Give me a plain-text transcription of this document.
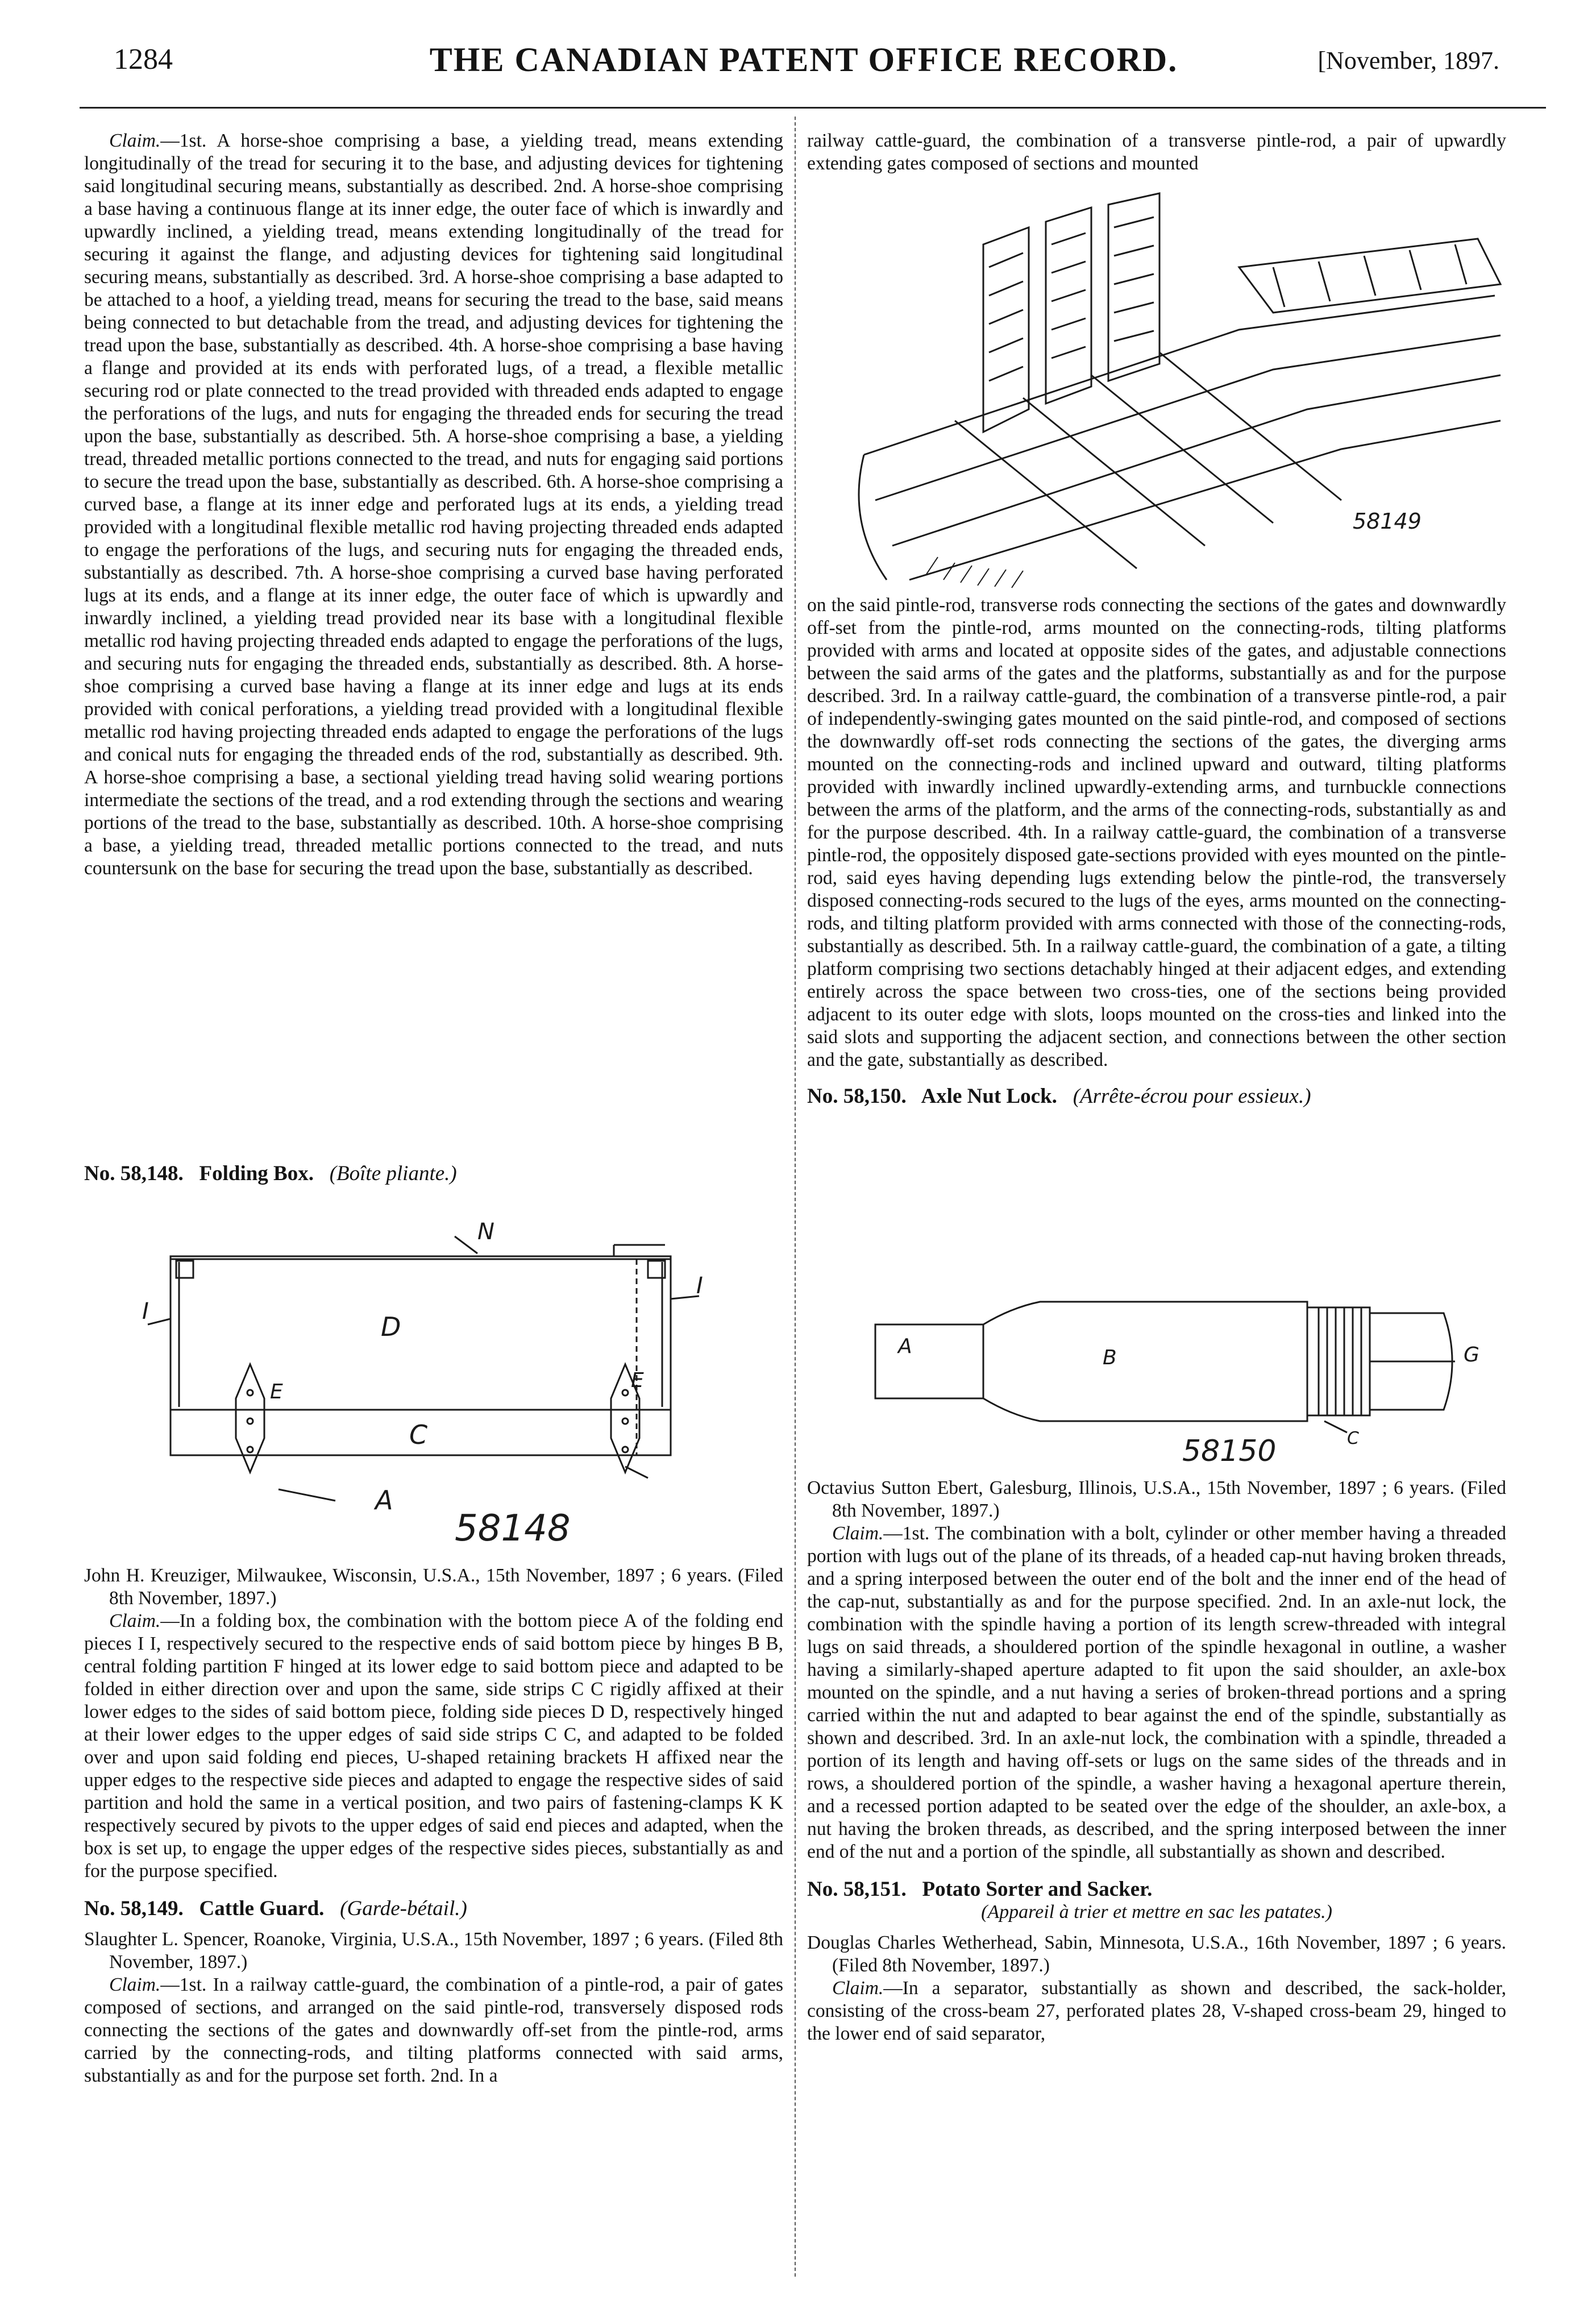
1284	THE CANADIAN PATENT OFFICE RECORD.	[November, 1897.

Claim.—1st. A horse-shoe comprising a base, a yielding tread, means extending longitudinally of the tread for securing it to the base, and adjusting devices for tightening said longitudinal securing means, substantially as described. 2nd. A horse-shoe comprising a base having a continuous flange at its inner edge, the outer face of which is inwardly and upwardly inclined, a yielding tread, means extending longitudinally of the tread for securing it against the flange, and adjusting devices for tightening said longitudinal securing means, substantially as described. 3rd. A horse-shoe comprising a base adapted to be attached to a hoof, a yielding tread, means for securing the tread to the base, said means being connected to but detachable from the tread, and adjusting devices for tightening the tread upon the base, substantially as described. 4th. A horse-shoe comprising a base having a flange and provided at its ends with perforated lugs, of a tread, a flexible metallic securing rod or plate connected to the tread provided with threaded ends adapted to engage the perforations of the lugs, and nuts for engaging the threaded ends for securing the tread upon the base, substantially as described. 5th. A horse-shoe comprising a base, a yielding tread, threaded metallic portions connected to the tread, and nuts for engaging said portions to secure the tread upon the base, substantially as described. 6th. A horse-shoe comprising a curved base, a flange at its inner edge and perforated lugs at its ends, a yielding tread provided with a longitudinal flexible metallic rod having projecting threaded ends adapted to engage the perforations of the lugs, and securing nuts for engaging the threaded ends, substantially as described. 7th. A horse-shoe comprising a curved base having perforated lugs at its ends, and a flange at its inner edge, the outer face of which is upwardly and inwardly inclined, a yielding tread provided near its base with a longitudinal flexible metallic rod having projecting threaded ends adapted to engage the perforations of the lugs, and securing nuts for engaging the threaded ends, substantially as described. 8th. A horse-shoe comprising a curved base having a flange at its inner edge and lugs at its ends provided with conical perforations, a yielding tread provided with a longitudinal flexible metallic rod having projecting threaded ends adapted to engage the perforations of the lugs and conical nuts for engaging the threaded ends of the rod, substantially as described. 9th. A horse-shoe comprising a base, a sectional yielding tread having solid wearing portions intermediate the sections of the tread, and a rod extending through the sections and wearing portions of the tread to the base, substantially as described. 10th. A horse-shoe comprising a base, a yielding tread, threaded metallic portions connected to the tread, and nuts countersunk on the base for securing the tread upon the base, substantially as described.

No. 58,148. Folding Box. (Boîte pliante.)

N
I
I
D
E	E
C
A
58148

John H. Kreuziger, Milwaukee, Wisconsin, U.S.A., 15th November, 1897 ; 6 years. (Filed 8th November, 1897.)

Claim.—In a folding box, the combination with the bottom piece A of the folding end pieces I I, respectively secured to the respective ends of said bottom piece by hinges B B, central folding partition F hinged at its lower edge to said bottom piece and adapted to be folded in either direction over and upon the same, side strips C C rigidly affixed at their lower edges to the sides of said bottom piece, folding side pieces D D, respectively hinged at their lower edges to the upper edges of said side strips C C, and adapted to be folded over and upon said folding end pieces, U-shaped retaining brackets H affixed near the upper edges to the respective side pieces and adapted to engage the respective sides of said partition and hold the same in a vertical position, and two pairs of fastening-clamps K K respectively secured by pivots to the upper edges of said end pieces and adapted, when the box is set up, to engage the upper edges of the respective sides pieces, substantially as and for the purpose specified.

No. 58,149. Cattle Guard. (Garde-bétail.)

Slaughter L. Spencer, Roanoke, Virginia, U.S.A., 15th November, 1897 ; 6 years. (Filed 8th November, 1897.)

Claim.—1st. In a railway cattle-guard, the combination of a pintle-rod, a pair of gates composed of sections, and arranged on the said pintle-rod, transversely disposed rods connecting the sections of the gates and downwardly off-set from the pintle-rod, arms carried by the connecting-rods, and tilting platforms connected with said arms, substantially as and for the purpose set forth. 2nd. In a

railway cattle-guard, the combination of a transverse pintle-rod, a pair of upwardly extending gates composed of sections and mounted

58149

on the said pintle-rod, transverse rods connecting the sections of the gates and downwardly off-set from the pintle-rod, arms mounted on the connecting-rods, tilting platforms provided with arms and located at opposite sides of the gates, and adjustable connections between the said arms of the gates and the platforms, substantially as and for the purpose described. 3rd. In a railway cattle-guard, the combination of a transverse pintle-rod, a pair of independently-swinging gates mounted on the said pintle-rod, and composed of sections the downwardly off-set rods connecting the sections of the gates, the diverging arms mounted on the connecting-rods and inclined upward and outward, tilting platforms provided with inwardly inclined upwardly-extending arms, and turnbuckle connections between the arms of the platform, and the arms of the connecting-rods, substantially as and for the purpose described. 4th. In a railway cattle-guard, the combination of a transverse pintle-rod, the oppositely disposed gate-sections provided with eyes mounted on the pintle-rod, said eyes having depending lugs extending below the pintle-rod, the transversely disposed connecting-rods secured to the lugs of the eyes, arms mounted on the connecting-rods, and tilting platform provided with arms connected with those of the connecting-rods, substantially as described. 5th. In a railway cattle-guard, the combination of a gate, a tilting platform comprising two sections detachably hinged at their adjacent edges, and extending entirely across the space between two cross-ties, one of the sections being provided adjacent to its outer edge with slots, loops mounted on the cross-ties and linked into the said slots and supporting the adjacent section, and connections between the other section and the gate, substantially as described.

No. 58,150. Axle Nut Lock. (Arrête-écrou pour essieux.)

A	B	G
C
58150

Octavius Sutton Ebert, Galesburg, Illinois, U.S.A., 15th November, 1897 ; 6 years. (Filed 8th November, 1897.)

Claim.—1st. The combination with a bolt, cylinder or other member having a threaded portion with lugs out of the plane of its threads, of a headed cap-nut having broken threads, and a spring interposed between the outer end of the bolt and the inner end of the head of the cap-nut, substantially as and for the purpose specified. 2nd. In an axle-nut lock, the combination with the spindle having a portion of its length screw-threaded with integral lugs on said threads, a shouldered portion of the spindle hexagonal in outline, a washer having a similarly-shaped aperture adapted to fit upon the said shoulder, an axle-box mounted on the spindle, and a nut having a series of broken-thread portions and a spring carried within the nut and adapted to bear against the end of the spindle, substantially as shown and described. 3rd. In an axle-nut lock, the combination with a spindle, threaded a portion of its length and having off-sets or lugs on the same sides of the threads and in rows, a shouldered portion of the spindle, a washer having a hexagonal aperture therein, and a recessed portion adapted to be seated over the edge of the shoulder, an axle-box, a nut having the broken threads, as described, and the spring interposed between the inner end of the nut and a portion of the spindle, all substantially as shown and described.

No. 58,151. Potato Sorter and Sacker.

(Appareil à trier et mettre en sac les patates.)

Douglas Charles Wetherhead, Sabin, Minnesota, U.S.A., 16th November, 1897 ; 6 years. (Filed 8th November, 1897.)

Claim.—In a separator, substantially as shown and described, the sack-holder, consisting of the cross-beam 27, perforated plates 28, V-shaped cross-beam 29, hinged to the lower end of said separator,
